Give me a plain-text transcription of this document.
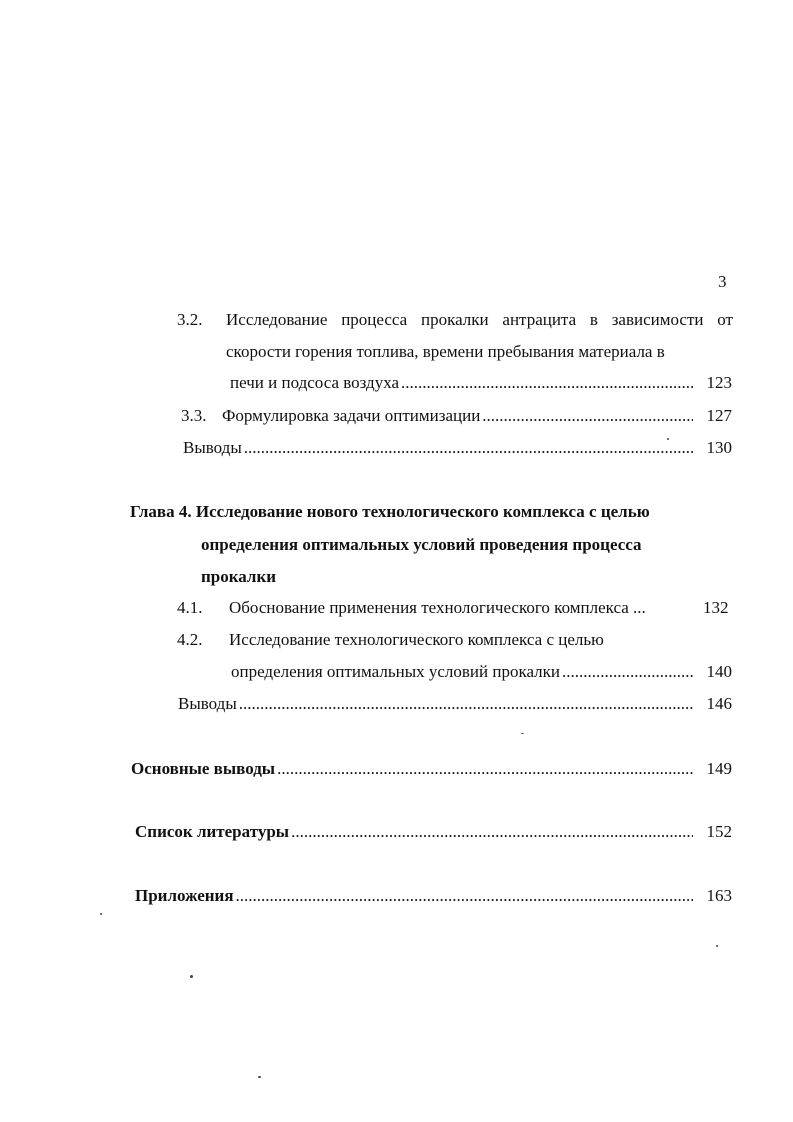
3
3.2. Исследование процесса прокалки антрацита в зависимости от
скорости горения топлива, времени пребывания материала в
печи и подсоса воздуха .....	123
3.3. Формулировка задачи оптимизации .....	127
Выводы .....	130
Глава 4. Исследование нового технологического комплекса с целью
определения оптимальных условий проведения процесса
прокалки
4.1. Обоснование применения технологического комплекса ...	132
4.2. Исследование технологического комплекса с целью
определения оптимальных условий прокалки .....	140
Выводы .....	146
Основные выводы .....	149
Список литературы .....	152
Приложения .....	163
